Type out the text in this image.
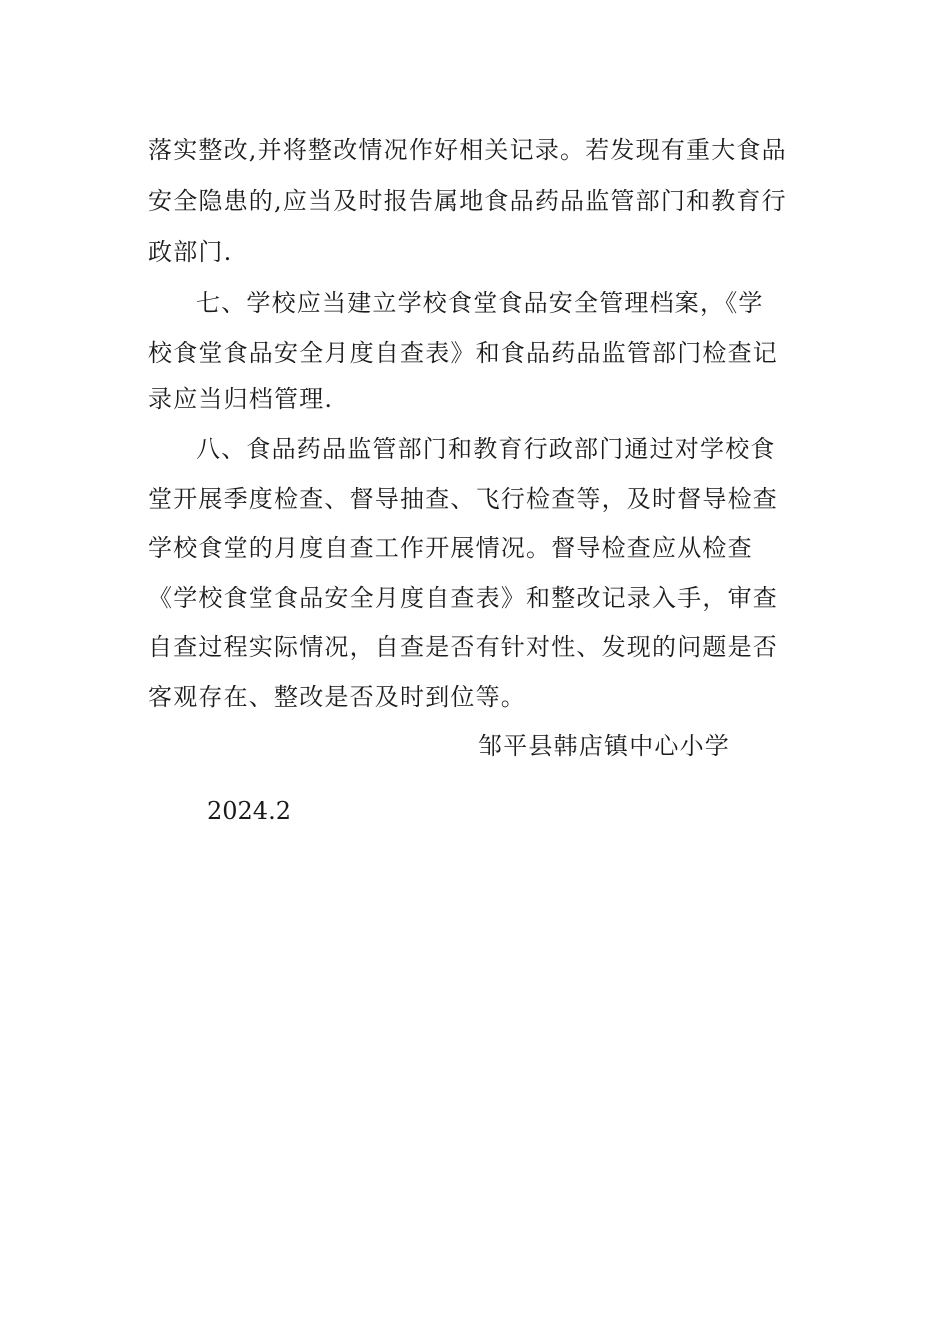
落实整改,并将整改情况作好相关记录。若发现有重大食品
安全隐患的,应当及时报告属地食品药品监管部门和教育行
政部门.
七、学校应当建立学校食堂食品安全管理档案，《学
校食堂食品安全月度自查表》和食品药品监管部门检查记
录应当归档管理.
八、食品药品监管部门和教育行政部门通过对学校食
堂开展季度检查、督导抽查、飞行检查等，及时督导检查
学校食堂的月度自查工作开展情况。督导检查应从检查
《学校食堂食品安全月度自查表》和整改记录入手，审查
自查过程实际情况，自查是否有针对性、发现的问题是否
客观存在、整改是否及时到位等。
邹平县韩店镇中心小学
2024.2
